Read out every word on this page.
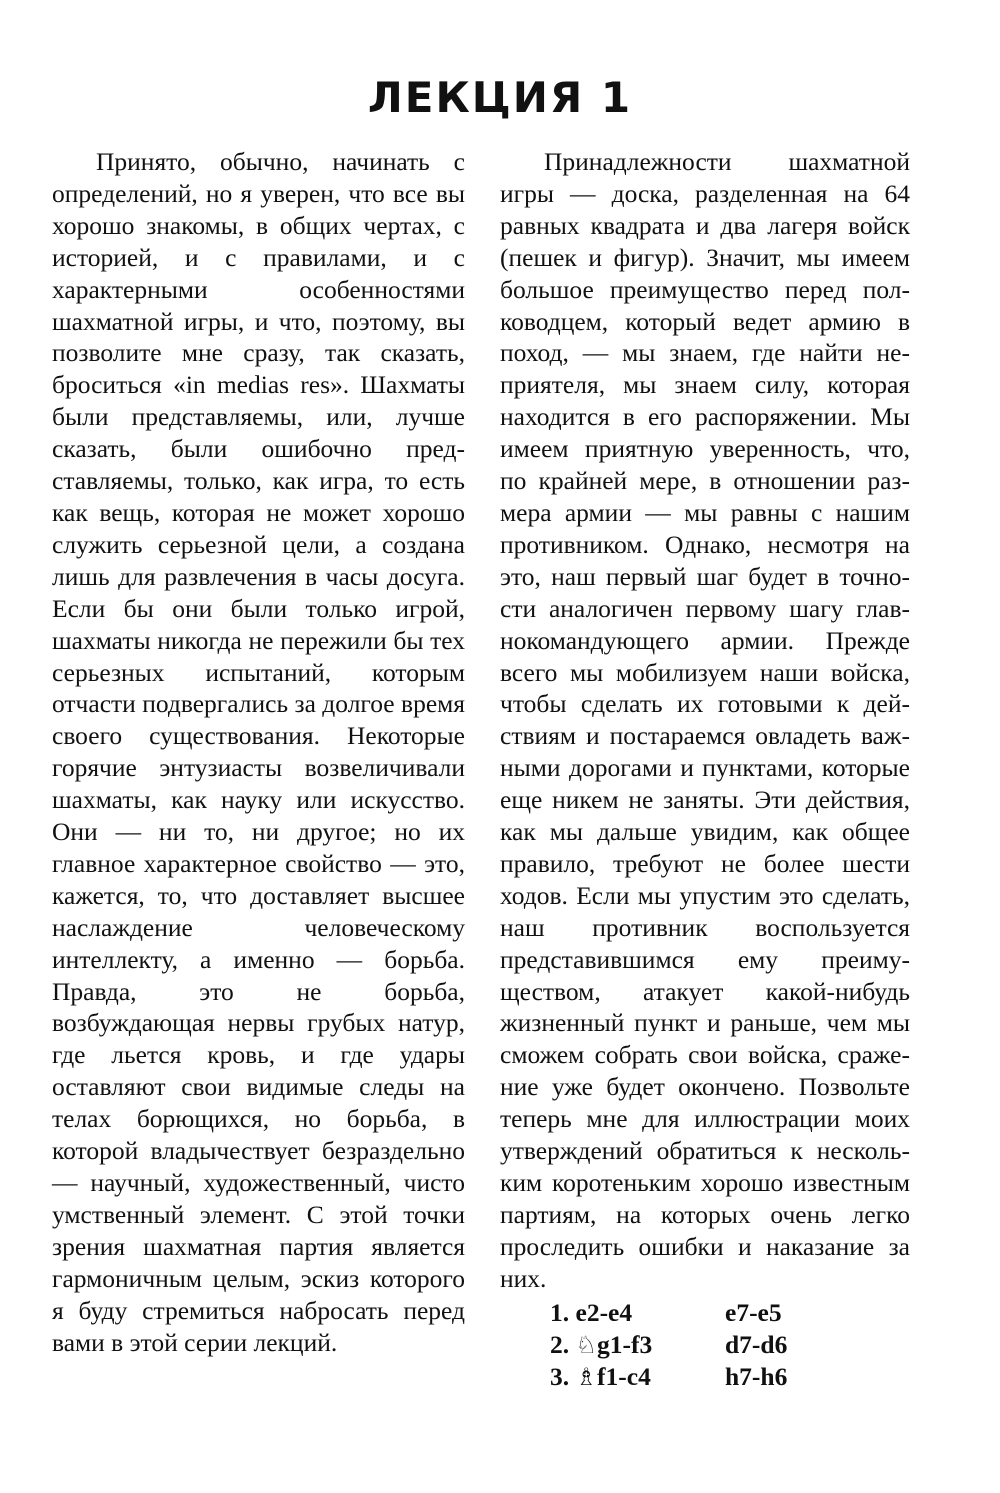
ЛЕКЦИЯ 1

Принято, обычно, начинать с определений, но я уверен, что все вы хорошо знакомы, в общих чертах, с историей, и с правилами, и с характерными особенностями шахматной игры, и что, поэтому, вы позволите мне сразу, так сказать, броситься «in medias res». Шахматы были представляемы, или, лучше сказать, были ошибочно представляемы, только, как игра, то есть как вещь, которая не может хорошо служить серьезной цели, а создана лишь для развлечения в часы досуга. Если бы они были только игрой, шахматы никогда не пережили бы тех серьезных испытаний, которым отчасти подвергались за долгое время своего существования. Некоторые горячие энтузиасты возвеличивали шахматы, как науку или искусство. Они — ни то, ни другое; но их главное характерное свойство — это, кажется, то, что доставляет высшее наслаждение человеческому интеллекту, а именно — борьба. Правда, это не борьба, возбуждающая нервы грубых натур, где льется кровь, и где удары оставляют свои видимые следы на телах борющихся, но борьба, в которой владычествует безраздельно — научный, художественный, чисто умственный элемент. С этой точки зрения шахматная партия является гармоничным целым, эскиз которого я буду стремиться набросать перед вами в этой серии лекций.

Принадлежности шахматной игры — доска, разделенная на 64 равных квадрата и два лагеря войск (пешек и фигур). Значит, мы имеем большое преимущество перед полководцем, который ведет армию в поход, — мы знаем, где найти неприятеля, мы знаем силу, которая находится в его распоряжении. Мы имеем приятную уверенность, что, по крайней мере, в отношении размера армии — мы равны с нашим противником. Однако, несмотря на это, наш первый шаг будет в точности аналогичен первому шагу главнокомандующего армии. Прежде всего мы мобилизуем наши войска, чтобы сделать их готовыми к действиям и постараемся овладеть важными дорогами и пунктами, которые еще никем не заняты. Эти действия, как мы дальше увидим, как общее правило, требуют не более шести ходов. Если мы упустим это сделать, наш противник воспользуется представившимся ему преимуществом, атакует какой-нибудь жизненный пункт и раньше, чем мы сможем собрать свои войска, сражение уже будет окончено. Позвольте теперь мне для иллюстрации моих утверждений обратиться к нескольким коротеньким хорошо известным партиям, на которых очень легко проследить ошибки и наказание за них.

1. e2-e4	e7-e5
2. ♘g1-f3	d7-d6
3. ♗f1-c4	h7-h6
